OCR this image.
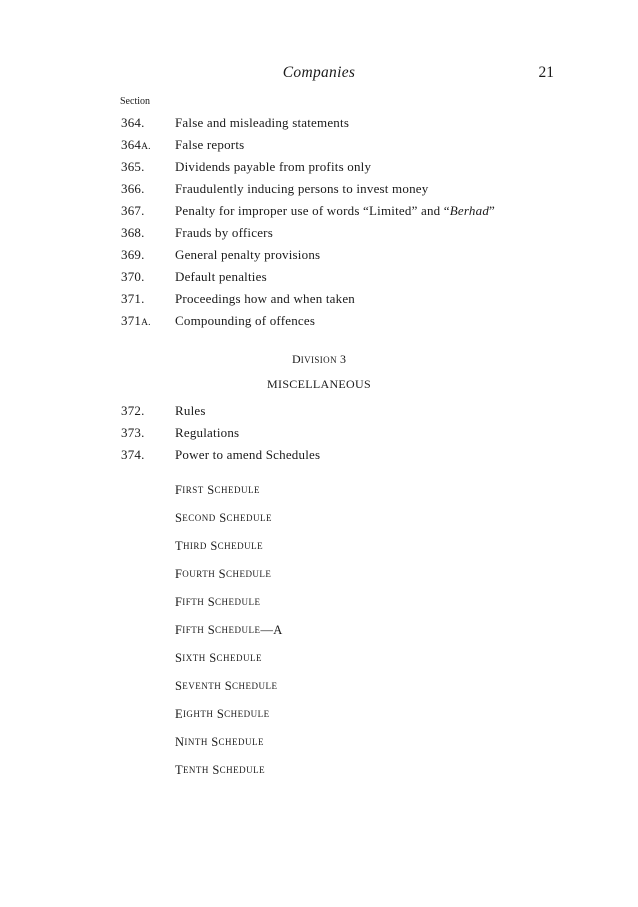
Companies	21
Section
364.	False and misleading statements
364A.	False reports
365.	Dividends payable from profits only
366.	Fraudulently inducing persons to invest money
367.	Penalty for improper use of words “Limited” and “Berhad”
368.	Frauds by officers
369.	General penalty provisions
370.	Default penalties
371.	Proceedings how and when taken
371A.	Compounding of offences
DIVISION 3
MISCELLANEOUS
372.	Rules
373.	Regulations
374.	Power to amend Schedules
F IRST
S CHEDULE
S ECOND
S CHEDULE
T HIRD
S CHEDULE
F OURTH
S CHEDULE
F IFTH
S CHEDULE
F IFTH
S CHEDULE —A
S IXTH
S CHEDULE
S EVENTH
S CHEDULE
E IGHTH
S CHEDULE
N INTH
S CHEDULE
T ENTH
S CHEDULE
